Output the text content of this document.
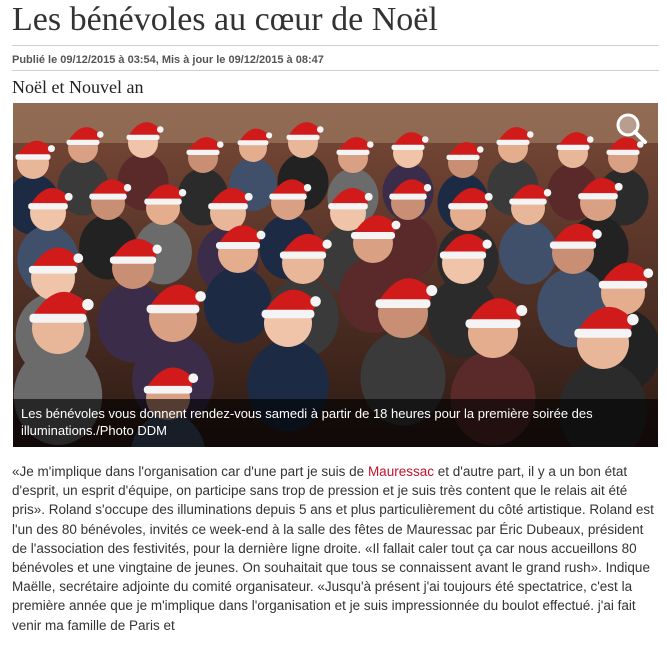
Les bénévoles au cœur de Noël
Publié le 09/12/2015 à 03:54, Mis à jour le 09/12/2015 à 08:47
Noël et Nouvel an
Les bénévoles vous donnent rendez-vous samedi à partir de 18 heures pour la première soirée des illuminations./Photo DDM

«Je m'implique dans l'organisation car d'une part je suis de Mauressac et d'autre part, il y a un bon état d'esprit, un esprit d'équipe, on participe sans trop de pression et je suis très content que le relais ait été pris». Roland s'occupe des illuminations depuis 5 ans et plus particulièrement du côté artistique. Roland est l'un des 80 bénévoles, invités ce week-end à la salle des fêtes de Mauressac par Éric Dubeaux, président de l'association des festivités, pour la dernière ligne droite. «Il fallait caler tout ça car nous accueillons 80 bénévoles et une vingtaine de jeunes. On souhaitait que tous se connaissent avant le grand rush». Indique Maëlle, secrétaire adjointe du comité organisateur. «Jusqu'à présent j'ai toujours été spectatrice, c'est la première année que je m'implique dans l'organisation et je suis impressionnée du boulot effectué. j'ai fait venir ma famille de Paris et
